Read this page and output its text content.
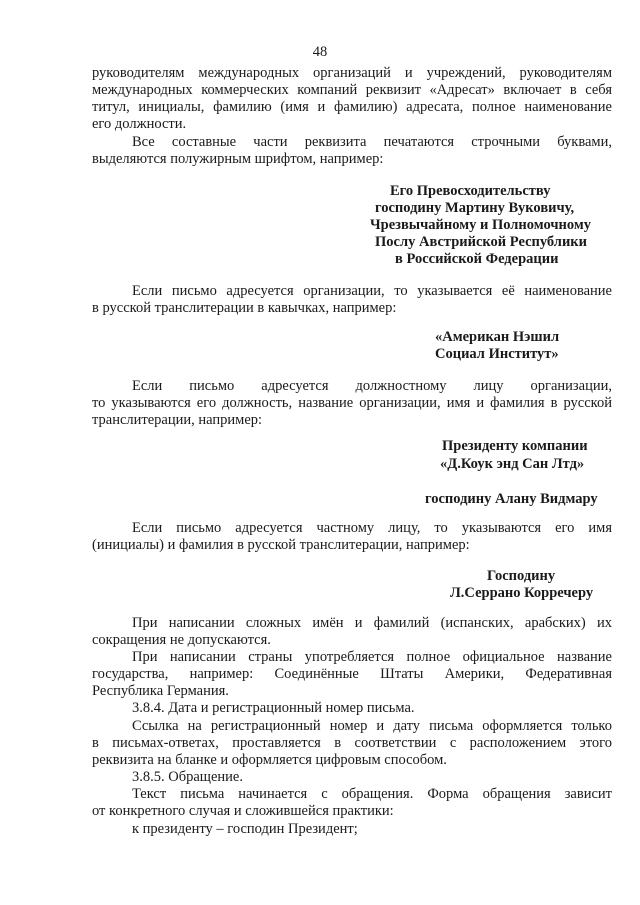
48
руководителям международных организаций и учреждений, руководителям
международных коммерческих компаний реквизит «Адресат» включает в себя
титул, инициалы, фамилию (имя и фамилию) адресата, полное наименование
его должности.
Все составные части реквизита печатаются строчными буквами,
выделяются полужирным шрифтом, например:
Если письмо адресуется организации, то указывается её наименование
в русской транслитерации в кавычках, например:
Если письмо адресуется должностному лицу организации,
то указываются его должность, название организации, имя и фамилия в русской
транслитерации, например:
Если письмо адресуется частному лицу, то указываются его имя
(инициалы) и фамилия в русской транслитерации, например:
При написании сложных имён и фамилий (испанских, арабских) их
сокращения не допускаются.
При написании страны употребляется полное официальное название
государства, например: Соединённые Штаты Америки, Федеративная
Республика Германия.
3.8.4. Дата и регистрационный номер письма.
Ссылка на регистрационный номер и дату письма оформляется только
в письмах-ответах, проставляется в соответствии с расположением этого
реквизита на бланке и оформляется цифровым способом.
3.8.5. Обращение.
Текст письма начинается с обращения. Форма обращения зависит
от конкретного случая и сложившейся практики:
к президенту – господин Президент;
Его Превосходительству
господину Мартину Вуковичу,
Чрезвычайному и Полномочному
Послу Австрийской Республики
в Российской Федерации
«Американ Нэшил
Социал Институт»
Президенту компании
«Д.Коук энд Сан Лтд»
господину Алану Видмару
Господину
Л.Серрано Корречеру
